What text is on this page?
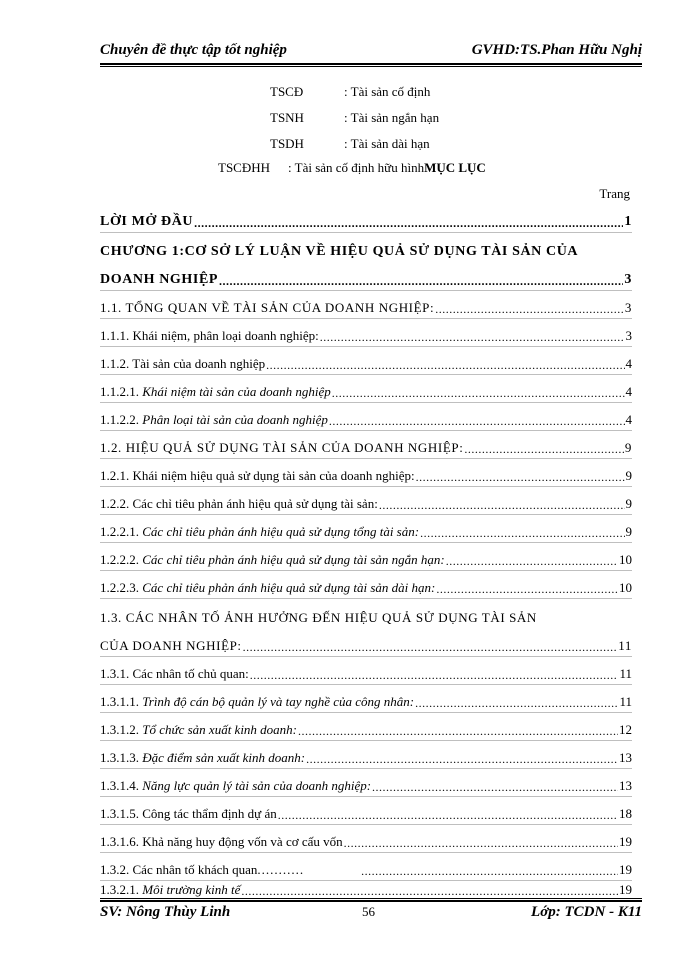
Chuyên đề thực tập tốt nghiệp	GVHD:TS.Phan Hữu Nghị
TSCĐ	: Tài sản cố định
TSNH	: Tài sản ngắn hạn
TSDH	: Tài sản dài hạn
TSCĐHH : Tài sản cố định hữu hìnhMỤC LỤC
Trang
LỜI MỞ ĐẦU .....	1
CHƯƠNG 1:CƠ SỞ LÝ LUẬN VỀ HIỆU QUẢ SỬ DỤNG TÀI SẢN CỦA
DOANH NGHIỆP .....	3
1.1. TỔNG QUAN VỀ TÀI SẢN CỦA DOANH NGHIỆP: .....	3
1.1.1. Khái niệm, phân loại doanh nghiệp: .....	3
1.1.2. Tài sản của doanh nghiệp .....	4
1.1.2.1.
Khái niệm tài sản của doanh nghiệp .....	4
1.1.2.2.
Phân loại tài sản của doanh nghiệp .....	4
1.2. HIỆU QUẢ SỬ DỤNG TÀI SẢN CỦA DOANH NGHIỆP: .....	9
1.2.1. Khái niệm hiệu quả sử dụng tài sản của doanh nghiệp: .....	9
1.2.2. Các chỉ tiêu phản ánh hiệu quả sử dụng tài sản: .....	9
1.2.2.1.
Các chỉ tiêu phản ánh hiệu quả sử dụng tổng tài sản: .....	9
1.2.2.2.
Các chỉ tiêu phản ánh hiệu quả sử dụng tài sản ngắn hạn: .....	10
1.2.2.3.
Các chỉ tiêu phản ánh hiệu quả sử dụng tài sản dài hạn: .....	10
1.3. CÁC NHÂN TỐ ẢNH HƯỞNG ĐẾN HIỆU QUẢ SỬ DỤNG TÀI SẢN
CỦA DOANH NGHIỆP: .....	11
1.3.1. Các nhân tố chủ quan: .....	11
1.3.1.1.
Trình độ cán bộ quản lý và tay nghề của công nhân: .....	11
1.3.1.2.
Tổ chức sản xuất kinh doanh: .....	12
1.3.1.3.
Đặc điểm sản xuất kinh doanh: .....	13
1.3.1.4.
Năng lực quản lý tài sản của doanh nghiệp: .....	13
1.3.1.5. Công tác thẩm định dự án .....	18
1.3.1.6. Khả năng huy động vốn và cơ cấu vốn .....	19
1.3.2. Các nhân tố khách quan ........... .....	19
1.3.2.1.
Môi trường kinh tế .....	19
SV: Nông Thùy Linh	56	Lớp: TCDN - K11
